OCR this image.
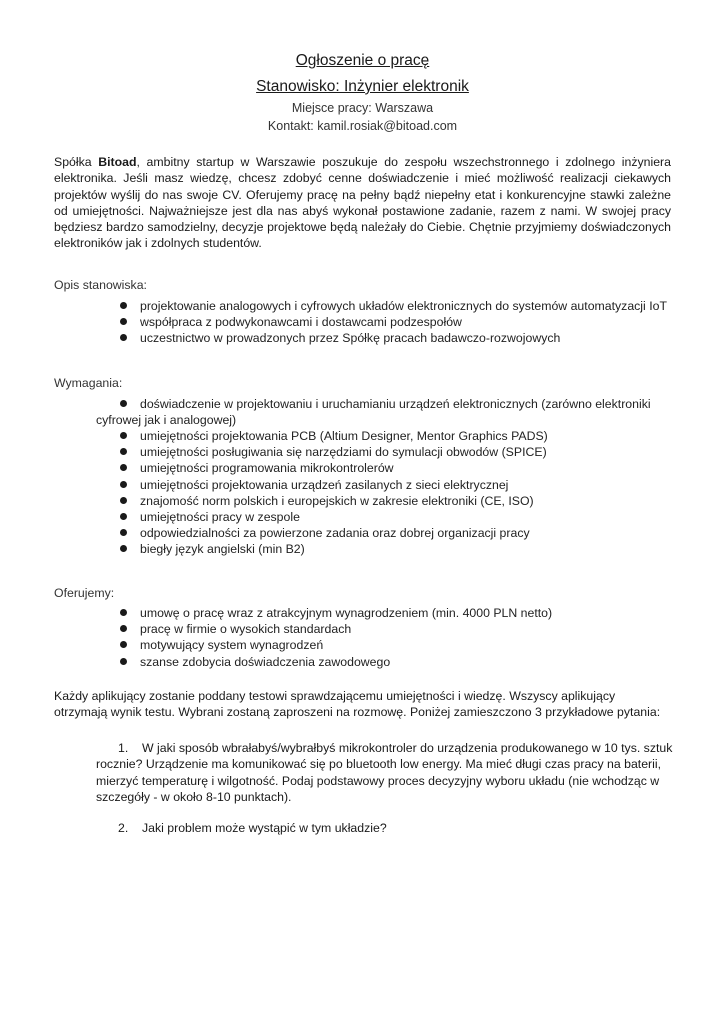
Ogłoszenie o pracę
Stanowisko: Inżynier elektronik
Miejsce pracy: Warszawa
Kontakt: kamil.rosiak@bitoad.com
Spółka Bitoad, ambitny startup w Warszawie poszukuje do zespołu wszechstronnego i zdolnego inżyniera elektronika. Jeśli masz wiedzę, chcesz zdobyć cenne doświadczenie i mieć możliwość realizacji ciekawych projektów wyślij do nas swoje CV. Oferujemy pracę na pełny bądź niepełny etat i konkurencyjne stawki zależne od umiejętności. Najważniejsze jest dla nas abyś wykonał postawione zadanie, razem z nami. W swojej pracy będziesz bardzo samodzielny, decyzje projektowe będą należały do Ciebie. Chętnie przyjmiemy doświadczonych elektroników jak i zdolnych studentów.
Opis stanowiska:
projektowanie analogowych i cyfrowych układów elektronicznych do systemów automatyzacji IoT
współpraca z podwykonawcami i dostawcami podzespołów
uczestnictwo w prowadzonych przez Spółkę pracach badawczo-rozwojowych
Wymagania:
doświadczenie w projektowaniu i uruchamianiu urządzeń elektronicznych (zarówno elektroniki
cyfrowej jak i analogowej)
umiejętności projektowania PCB (Altium Designer, Mentor Graphics PADS)
umiejętności posługiwania się narzędziami do symulacji obwodów (SPICE)
umiejętności programowania mikrokontrolerów
umiejętności projektowania urządzeń zasilanych z sieci elektrycznej
znajomość norm polskich i europejskich w zakresie elektroniki (CE, ISO)
umiejętności pracy w zespole
odpowiedzialności za powierzone zadania oraz dobrej organizacji pracy
biegły język angielski (min B2)
Oferujemy:
umowę o pracę wraz z atrakcyjnym wynagrodzeniem (min. 4000 PLN netto)
pracę w firmie o wysokich standardach
motywujący system wynagrodzeń
szanse zdobycia doświadczenia zawodowego
Każdy aplikujący zostanie poddany testowi sprawdzającemu umiejętności i wiedzę. Wszyscy aplikujący otrzymają wynik testu. Wybrani zostaną zaproszeni na rozmowę. Poniżej zamieszczono 3 przykładowe pytania:
1.	W jaki sposób wbrałabyś/wybrałbyś mikrokontroler do urządzenia produkowanego w 10 tys. sztuk rocznie? Urządzenie ma komunikować się po bluetooth low energy. Ma mieć długi czas pracy na baterii, mierzyć temperaturę i wilgotność. Podaj podstawowy proces decyzyjny wyboru układu (nie wchodząc w szczegóły - w około 8-10 punktach).
2.	Jaki problem może wystąpić w tym układzie?
